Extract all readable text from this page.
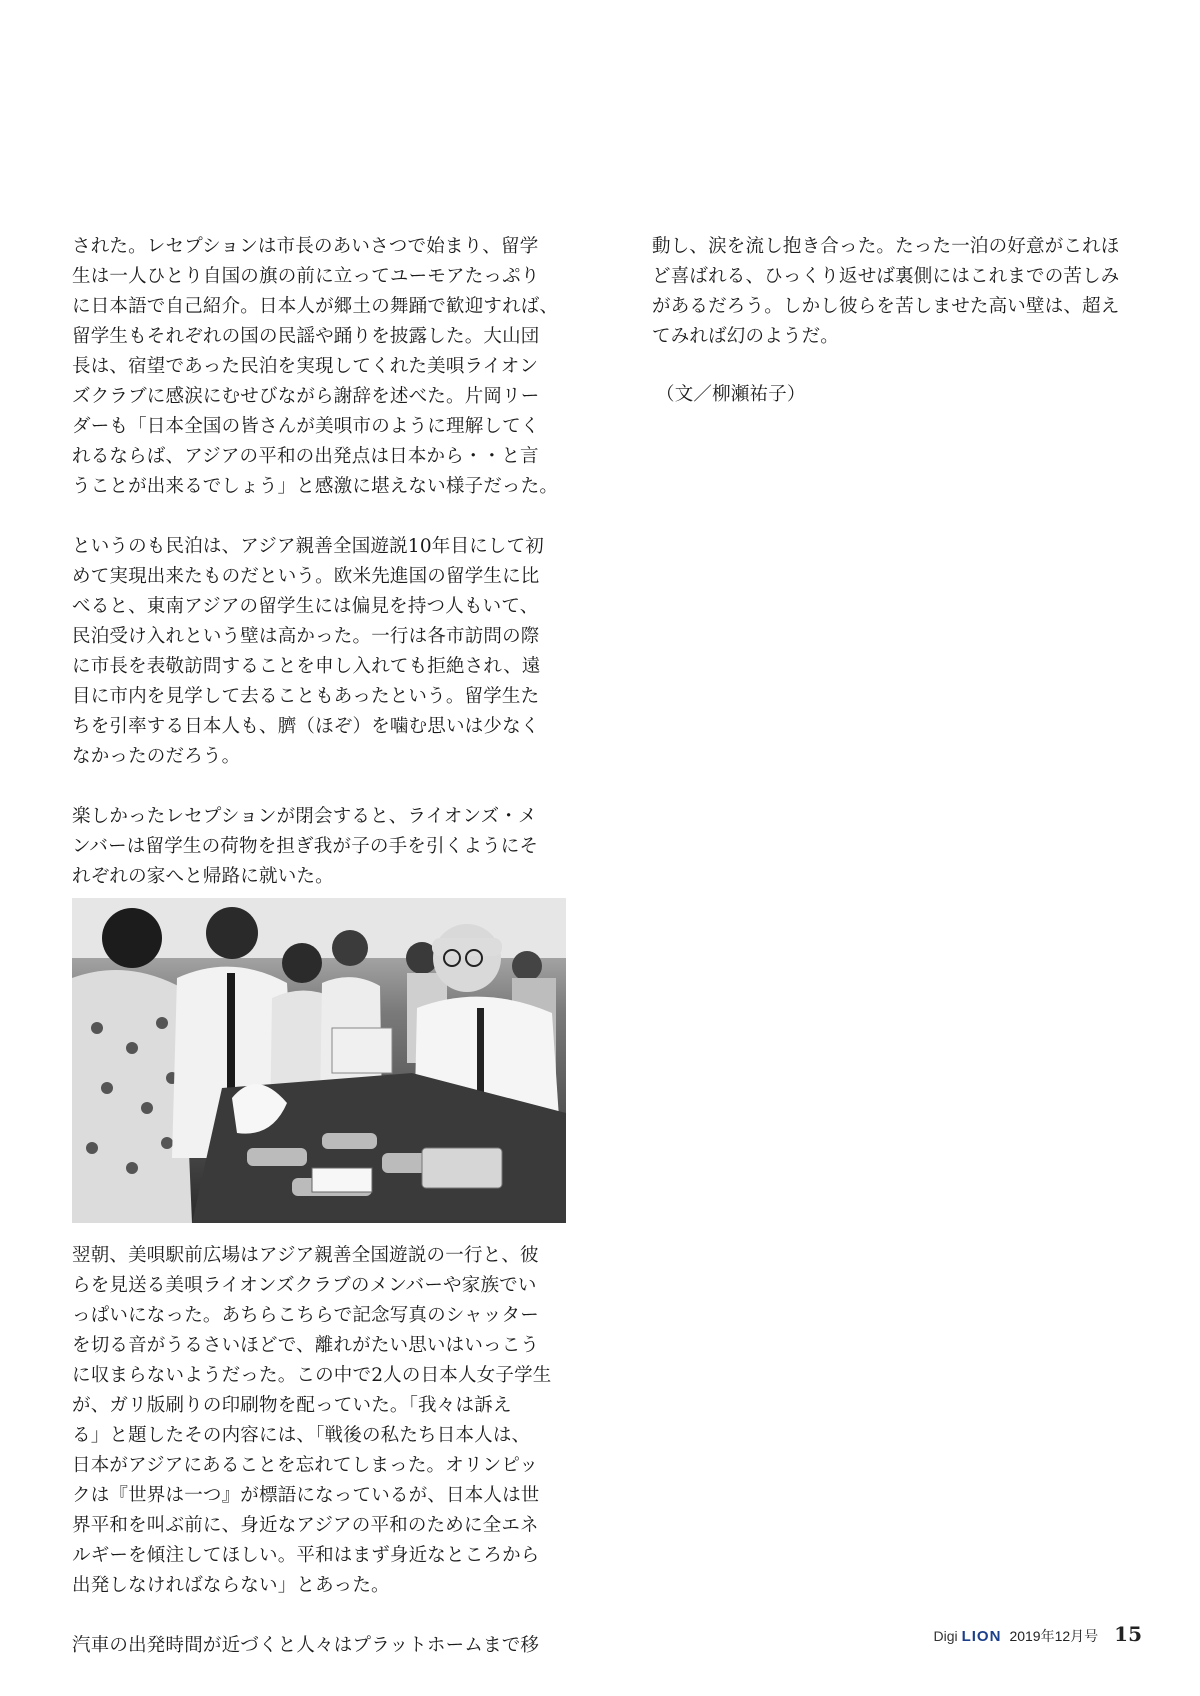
された。レセプションは市長のあいさつで始まり、留学
生は一人ひとり自国の旗の前に立ってユーモアたっぷり
に日本語で自己紹介。日本人が郷土の舞踊で歓迎すれば、
留学生もそれぞれの国の民謡や踊りを披露した。大山団
長は、宿望であった民泊を実現してくれた美唄ライオン
ズクラブに感涙にむせびながら謝辞を述べた。片岡リー
ダーも「日本全国の皆さんが美唄市のように理解してく
れるならば、アジアの平和の出発点は日本から・・と言
うことが出来るでしょう」と感激に堪えない様子だった。

というのも民泊は、アジア親善全国遊説10年目にして初
めて実現出来たものだという。欧米先進国の留学生に比
べると、東南アジアの留学生には偏見を持つ人もいて、
民泊受け入れという壁は高かった。一行は各市訪問の際
に市長を表敬訪問することを申し入れても拒絶され、遠
目に市内を見学して去ることもあったという。留学生た
ちを引率する日本人も、臍（ほぞ）を噛む思いは少なく
なかったのだろう。

楽しかったレセプションが閉会すると、ライオンズ・メ
ンバーは留学生の荷物を担ぎ我が子の手を引くようにそ
れぞれの家へと帰路に就いた。

翌朝、美唄駅前広場はアジア親善全国遊説の一行と、彼
らを見送る美唄ライオンズクラブのメンバーや家族でい
っぱいになった。あちらこちらで記念写真のシャッター
を切る音がうるさいほどで、離れがたい思いはいっこう
に収まらないようだった。この中で2人の日本人女子学生
が、ガリ版刷りの印刷物を配っていた。「我々は訴え
る」と題したその内容には、「戦後の私たち日本人は、
日本がアジアにあることを忘れてしまった。オリンピッ
クは『世界は一つ』が標語になっているが、日本人は世
界平和を叫ぶ前に、身近なアジアの平和のために全エネ
ルギーを傾注してほしい。平和はまず身近なところから
出発しなければならない」とあった。

汽車の出発時間が近づくと人々はプラットホームまで移

動し、涙を流し抱き合った。たった一泊の好意がこれほ
ど喜ばれる、ひっくり返せば裏側にはこれまでの苦しみ
があるだろう。しかし彼らを苦しませた高い壁は、超え
てみれば幻のようだ。

（文／柳瀬祐子）

Digi LION 2019年12月号 15
